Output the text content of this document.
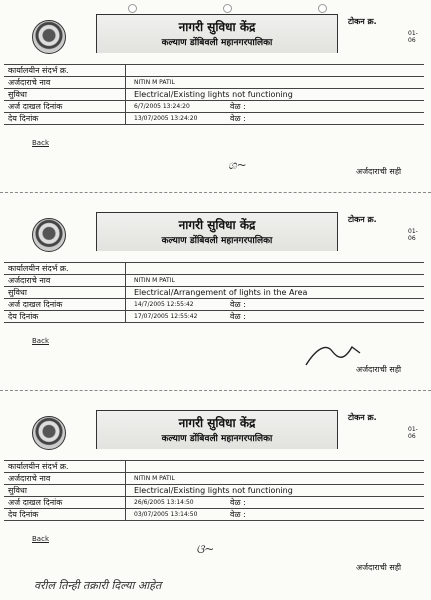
नागरी सुविधा केंद्र
कल्याण डोंबिवली महानगरपालिका
टोकन क्र.
01-06
कार्यालयीन संदर्भ क्र.
अर्जदाराचे नाव	NITIN M PATIL
सुविधा	Electrical/Existing lights not functioning
अर्ज दाखल दिनांक	6/7/2005 13:24:20	वेळ :
देय दिनांक	13/07/2005 13:24:20	वेळ :
Back
ශ~	अर्जदाराची सही
नागरी सुविधा केंद्र
कल्याण डोंबिवली महानगरपालिका
टोकन क्र.
01-06
कार्यालयीन संदर्भ क्र.
अर्जदाराचे नाव	NITIN M PATIL
सुविधा	Electrical/Arrangement of lights in the Area
अर्ज दाखल दिनांक	14/7/2005 12:55:42	वेळ :
देय दिनांक	17/07/2005 12:55:42	वेळ :
Back
अर्जदाराची सही
नागरी सुविधा केंद्र
कल्याण डोंबिवली महानगरपालिका
टोकन क्र.
01-06
कार्यालयीन संदर्भ क्र.
अर्जदाराचे नाव	NITIN M PATIL
सुविधा	Electrical/Existing lights not functioning
अर्ज दाखल दिनांक	26/6/2005 13:14:50	वेळ :
देय दिनांक	03/07/2005 13:14:50	वेळ :
Back
ଓ~
अर्जदाराची सही
वरील तिन्ही तक्रारी दिल्या आहेत
